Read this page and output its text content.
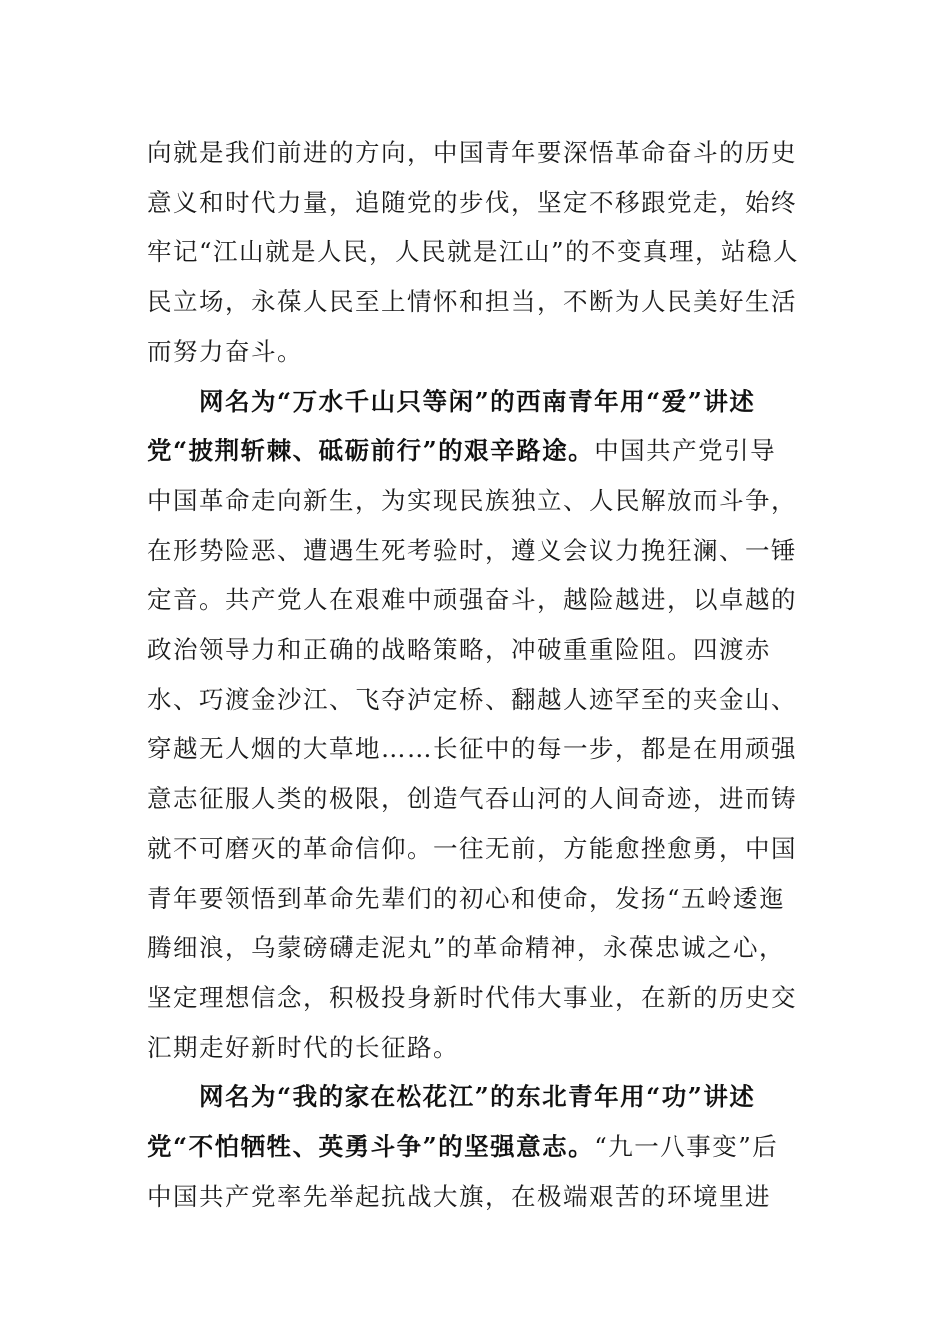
向就是我们前进的方向，中国青年要深悟革命奋斗的历史意义和时代力量，追随党的步伐，坚定不移跟党走，始终牢记“江山就是人民，人民就是江山”的不变真理，站稳人民立场，永葆人民至上情怀和担当，不断为人民美好生活而努力奋斗。

网名为“万水千山只等闲”的西南青年用“爱”讲述党“披荆斩棘、砥砺前行”的艰辛路途。中国共产党引导中国革命走向新生，为实现民族独立、人民解放而斗争，在形势险恶、遭遇生死考验时，遵义会议力挽狂澜、一锤定音。共产党人在艰难中顽强奋斗，越险越进，以卓越的政治领导力和正确的战略策略，冲破重重险阻。四渡赤水、巧渡金沙江、飞夺泸定桥、翻越人迹罕至的夹金山、穿越无人烟的大草地……长征中的每一步，都是在用顽强意志征服人类的极限，创造气吞山河的人间奇迹，进而铸就不可磨灭的革命信仰。一往无前，方能愈挫愈勇，中国青年要领悟到革命先辈们的初心和使命，发扬“五岭逶迤腾细浪，乌蒙磅礴走泥丸”的革命精神，永葆忠诚之心，坚定理想信念，积极投身新时代伟大事业，在新的历史交汇期走好新时代的长征路。

网名为“我的家在松花江”的东北青年用“功”讲述党“不怕牺牲、英勇斗争”的坚强意志。“九一八事变”后中国共产党率先举起抗战大旗，在极端艰苦的环境里进
